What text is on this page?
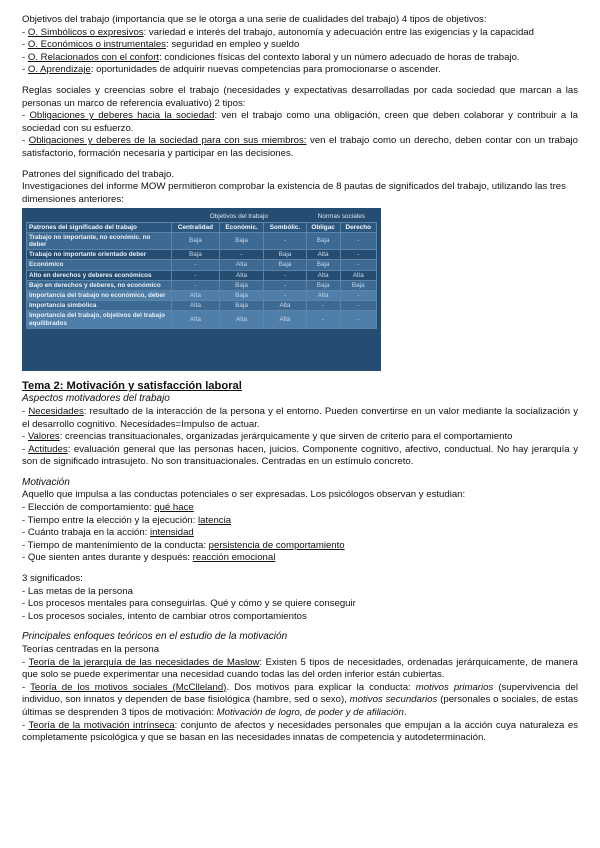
Objetivos del trabajo (importancia que se le otorga a una serie de cualidades del trabajo) 4 tipos de objetivos:

- O. Simbólicos o expresivos: variedad e interés del trabajo, autonomía y adecuación entre las exigencias y la capacidad

- O. Económicos o instrumentales: seguridad en empleo y sueldo

- O. Relacionados con el confort: condiciones físicas del contexto laboral y un número adecuado de horas de trabajo.

- O. Aprendizaje: oportunidades de adquirir nuevas competencias para promocionarse o ascender.

Reglas sociales y creencias sobre el trabajo (necesidades y expectativas desarrolladas por cada sociedad que marcan a las personas un marco de referencia evaluativo) 2 tipos:

- Obligaciones y deberes hacia la sociedad: ven el trabajo como una obligación, creen que deben colaborar y contribuir a la sociedad con su esfuerzo.

- Obligaciones y deberes de la sociedad para con sus miembros: ven el trabajo como un derecho, deben contar con un trabajo satisfactorio, formación necesaria y participar en las decisiones.

Patrones del significado del trabajo.

Investigaciones del informe MOW permitieron comprobar la existencia de 8 pautas de significados del trabajo, utilizando las tres dimensiones anteriores:

	Objetivos del trabajo			Normas sociales	
Patrones del significado del trabajo	Centralidad	Económic.	Sombólic.	Obligac	Derecho
Trabajo no importante, no económic. no deber	Baja	Baja	-	Baja	-
Trabajo no importante orientado deber	Baja	-	Baja	Alta	-
Económico	-	Alta	Baja	Baja	-
Alto en derechos y deberes económicos	-	Alta	-	Alta	Alta
Bajo en derechos y deberes, no económico	-	Baja	-	Baja	Baja
Importancia del trabajo no económico, deber	Alta	Baja	-	Alta	-
Importancia simbólica	Alta	Baja	Alta	-	-
Importancia del trabajo, objetivos del trabajo equilibrados	Alta	Alta	Alta	-	-

Tema 2: Motivación y satisfacción laboral

Aspectos motivadores del trabajo

- Necesidades: resultado de la interacción de la persona y el entorno. Pueden convertirse en un valor mediante la socialización y el desarrollo cognitivo. Necesidades=Impulso de actuar.

- Valores: creencias transituacionales, organizadas jerárquicamente y que sirven de criterio para el comportamiento

- Actitudes: evaluación general que las personas hacen, juicios. Componente cognitivo, afectivo, conductual. No hay jerarquía y son de significado intrasujeto. No son transituacionales. Centradas en un estímulo concreto.

Motivación

Aquello que impulsa a las conductas potenciales o ser expresadas. Los psicólogos observan y estudian:

- Elección de comportamiento: qué hace

- Tiempo entre la elección y la ejecución: latencia

- Cuánto trabaja en la acción: intensidad

- Tiempo de mantenimiento de la conducta: persistencia de comportamiento

- Que sienten antes durante y después: reacción emocional

3 significados:

- Las metas de la persona

- Los procesos mentales para conseguirlas. Qué y cómo y se quiere conseguir

- Los procesos sociales, intento de cambiar otros comportamientos

Principales enfoques teóricos en el estudio de la motivación

Teorías centradas en la persona

- Teoría de la jerarquía de las necesidades de Maslow: Existen 5 tipos de necesidades, ordenadas jerárquicamente, de manera que solo se puede experimentar una necesidad cuando todas las del orden inferior están cubiertas.

- Teoría de los motivos sociales (McClleland). Dos motivos para explicar la conducta: motivos primarios (supervivencia del individuo, son innatos y dependen de base fisiológica (hambre, sed o sexo), motivos secundarios (personales o sociales, de estas últimas se desprenden 3 tipos de motivación: Motivación de logro, de poder y de afiliación.

- Teoría de la motivación intrínseca: conjunto de afectos y necesidades personales que empujan a la acción cuya naturaleza es completamente psicológica y que se basan en las necesidades innatas de competencia y autodeterminación.
